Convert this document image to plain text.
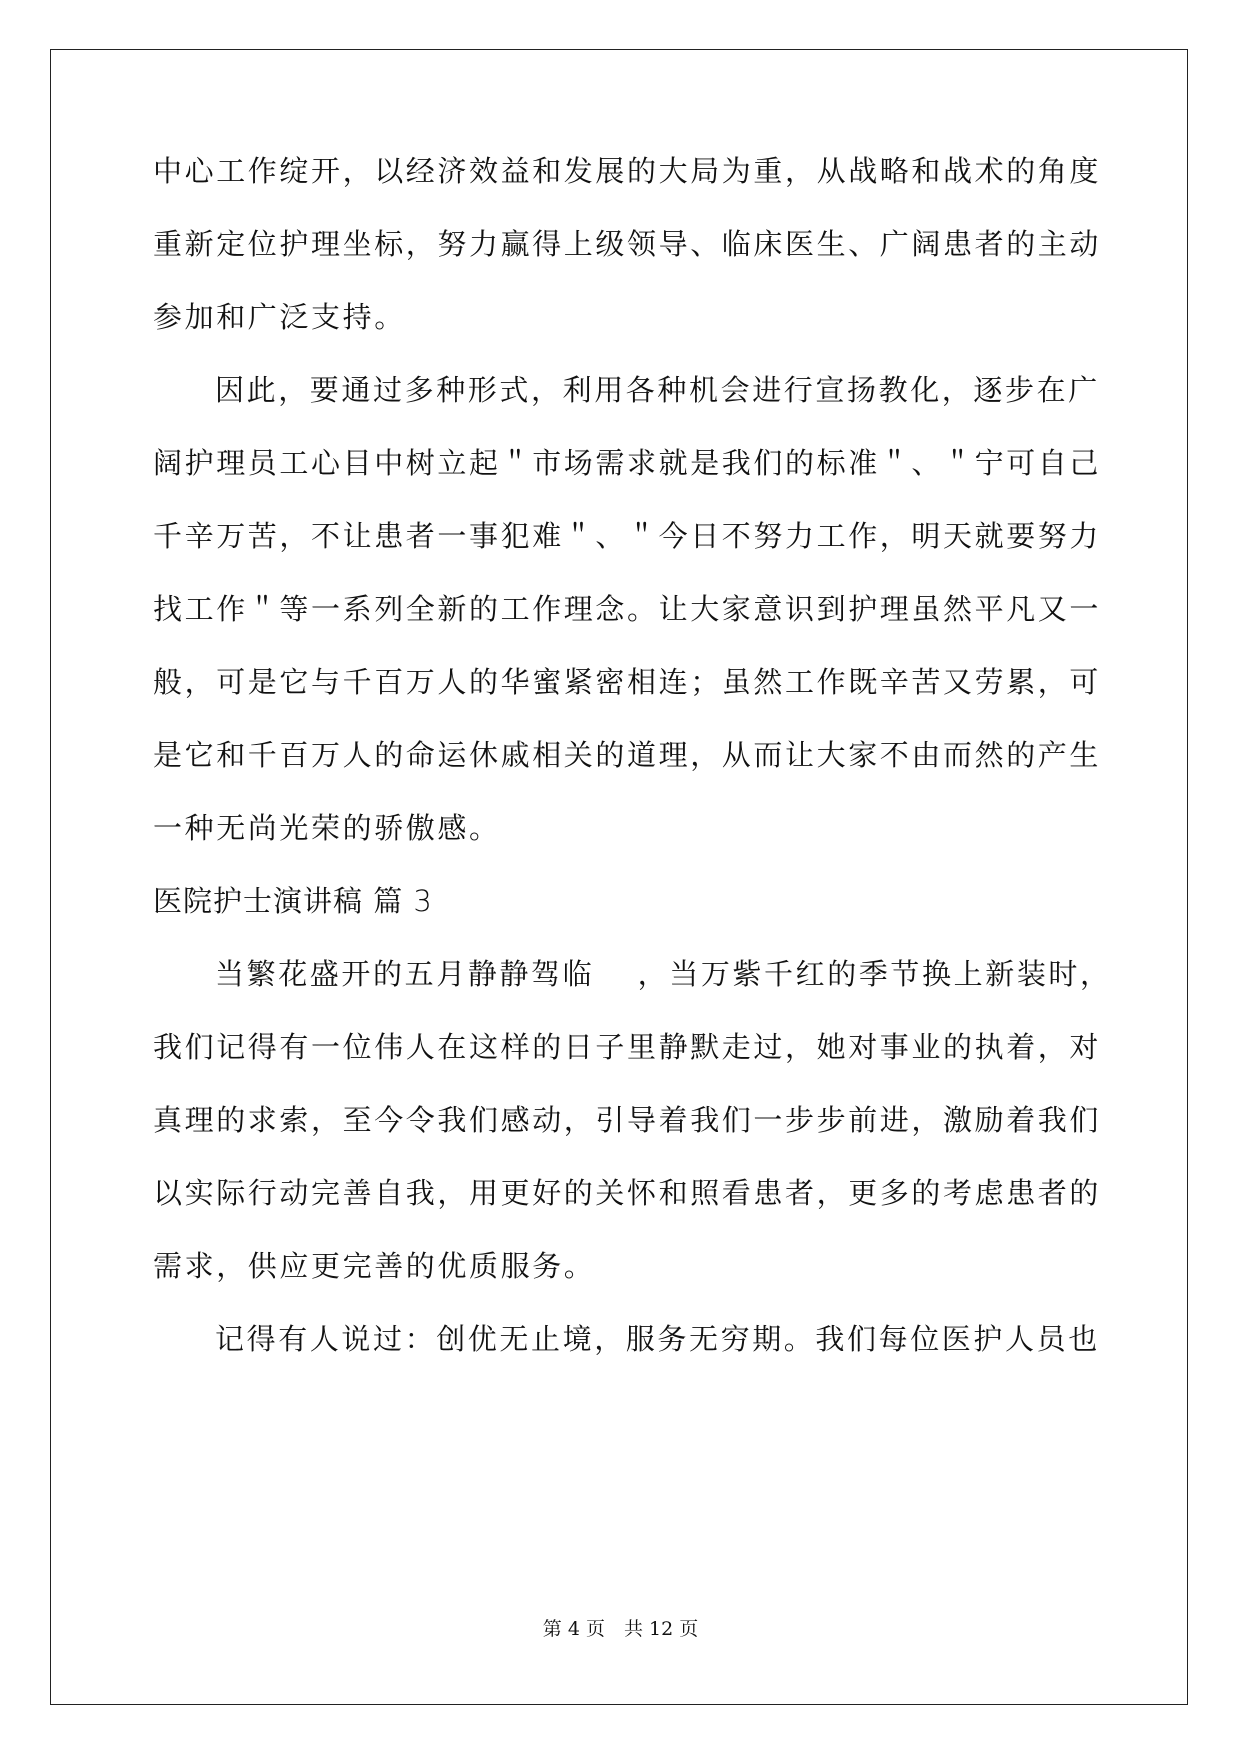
中心工作绽开，以经济效益和发展的大局为重，从战略和战术的角度
重新定位护理坐标，努力赢得上级领导、临床医生、广阔患者的主动
参加和广泛支持。
因此，要通过多种形式，利用各种机会进行宣扬教化，逐步在广
阔护理员工心目中树立起＂市场需求就是我们的标准＂、＂宁可自己
千辛万苦，不让患者一事犯难＂、＂今日不努力工作，明天就要努力
找工作＂等一系列全新的工作理念。让大家意识到护理虽然平凡又一
般，可是它与千百万人的华蜜紧密相连；虽然工作既辛苦又劳累，可
是它和千百万人的命运休戚相关的道理，从而让大家不由而然的产生
一种无尚光荣的骄傲感。
医院护士演讲稿 篇 3
当繁花盛开的五月静静驾临　 ，当万紫千红的季节换上新装时，
我们记得有一位伟人在这样的日子里静默走过，她对事业的执着，对
真理的求索，至今令我们感动，引导着我们一步步前进，激励着我们
以实际行动完善自我，用更好的关怀和照看患者，更多的考虑患者的
需求，供应更完善的优质服务。
记得有人说过：创优无止境，服务无穷期。我们每位医护人员也
第 4 页　共 12 页
